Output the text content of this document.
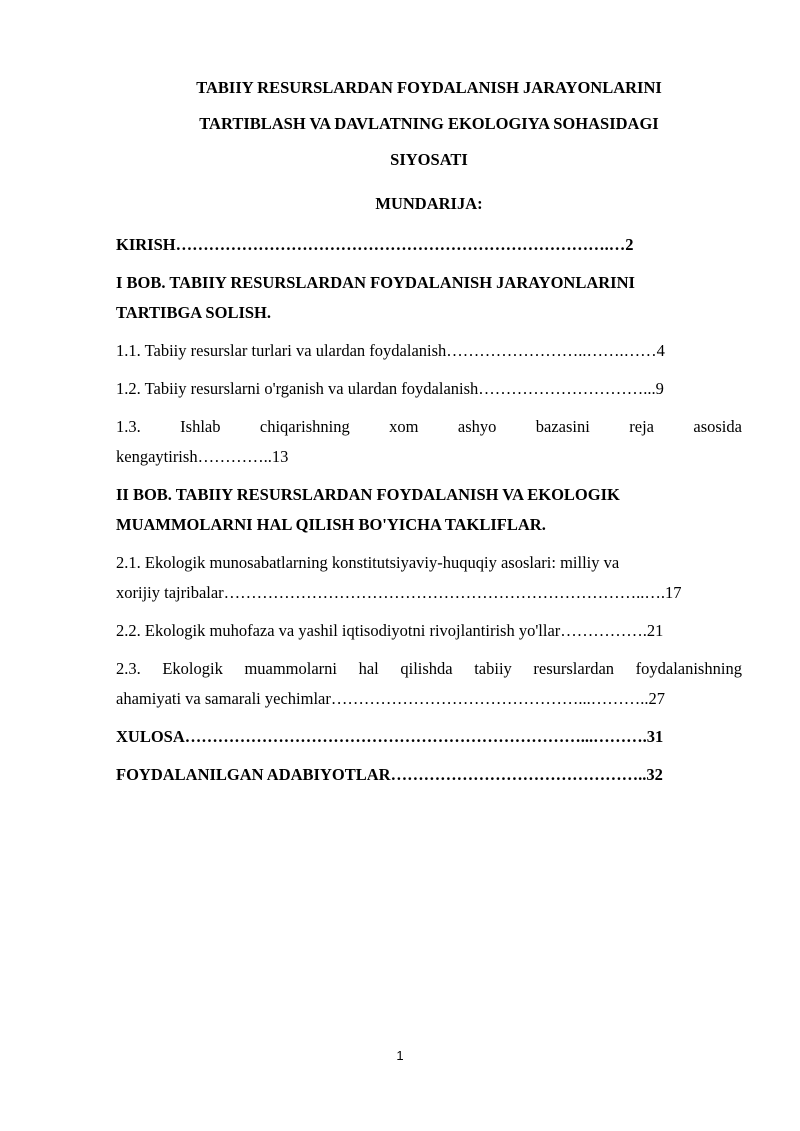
TABIIY RESURSLARDAN FOYDALANISH JARAYONLARINI
TARTIBLASH VA DAVLATNING EKOLOGIYA SOHASIDAGI
SIYOSATI
MUNDARIJA:
KIRISH…………………………………………………………………….…2
I BOB. TABIIY RESURSLARDAN FOYDALANISH JARAYONLARINI
TARTIBGA SOLISH.
1.1. Tabiiy resurslar turlari va ulardan foydalanish……………………..…….……4
1.2. Tabiiy resurslarni o'rganish va ulardan foydalanish…………………………...9
1.3. Ishlab chiqarishning xom ashyo bazasini reja asosida
kengaytirish…………..13
II BOB. TABIIY RESURSLARDAN FOYDALANISH VA EKOLOGIK
MUAMMOLARNI HAL QILISH BO'YICHA TAKLIFLAR.
2.1. Ekologik munosabatlarning konstitutsiyaviy-huquqiy asoslari: milliy va
xorijiy tajribalar…………………………………………………………………..….17
2.2. Ekologik muhofaza va yashil iqtisodiyotni rivojlantirish yo'llar…………….21
2.3. Ekologik muammolarni hal qilishda tabiiy resurslardan foydalanishning
ahamiyati va samarali yechimlar………………………………………...………..27
XULOSA………………………………………………………………...……….31
FOYDALANILGAN ADABIYOTLAR………………………………………..32
1
